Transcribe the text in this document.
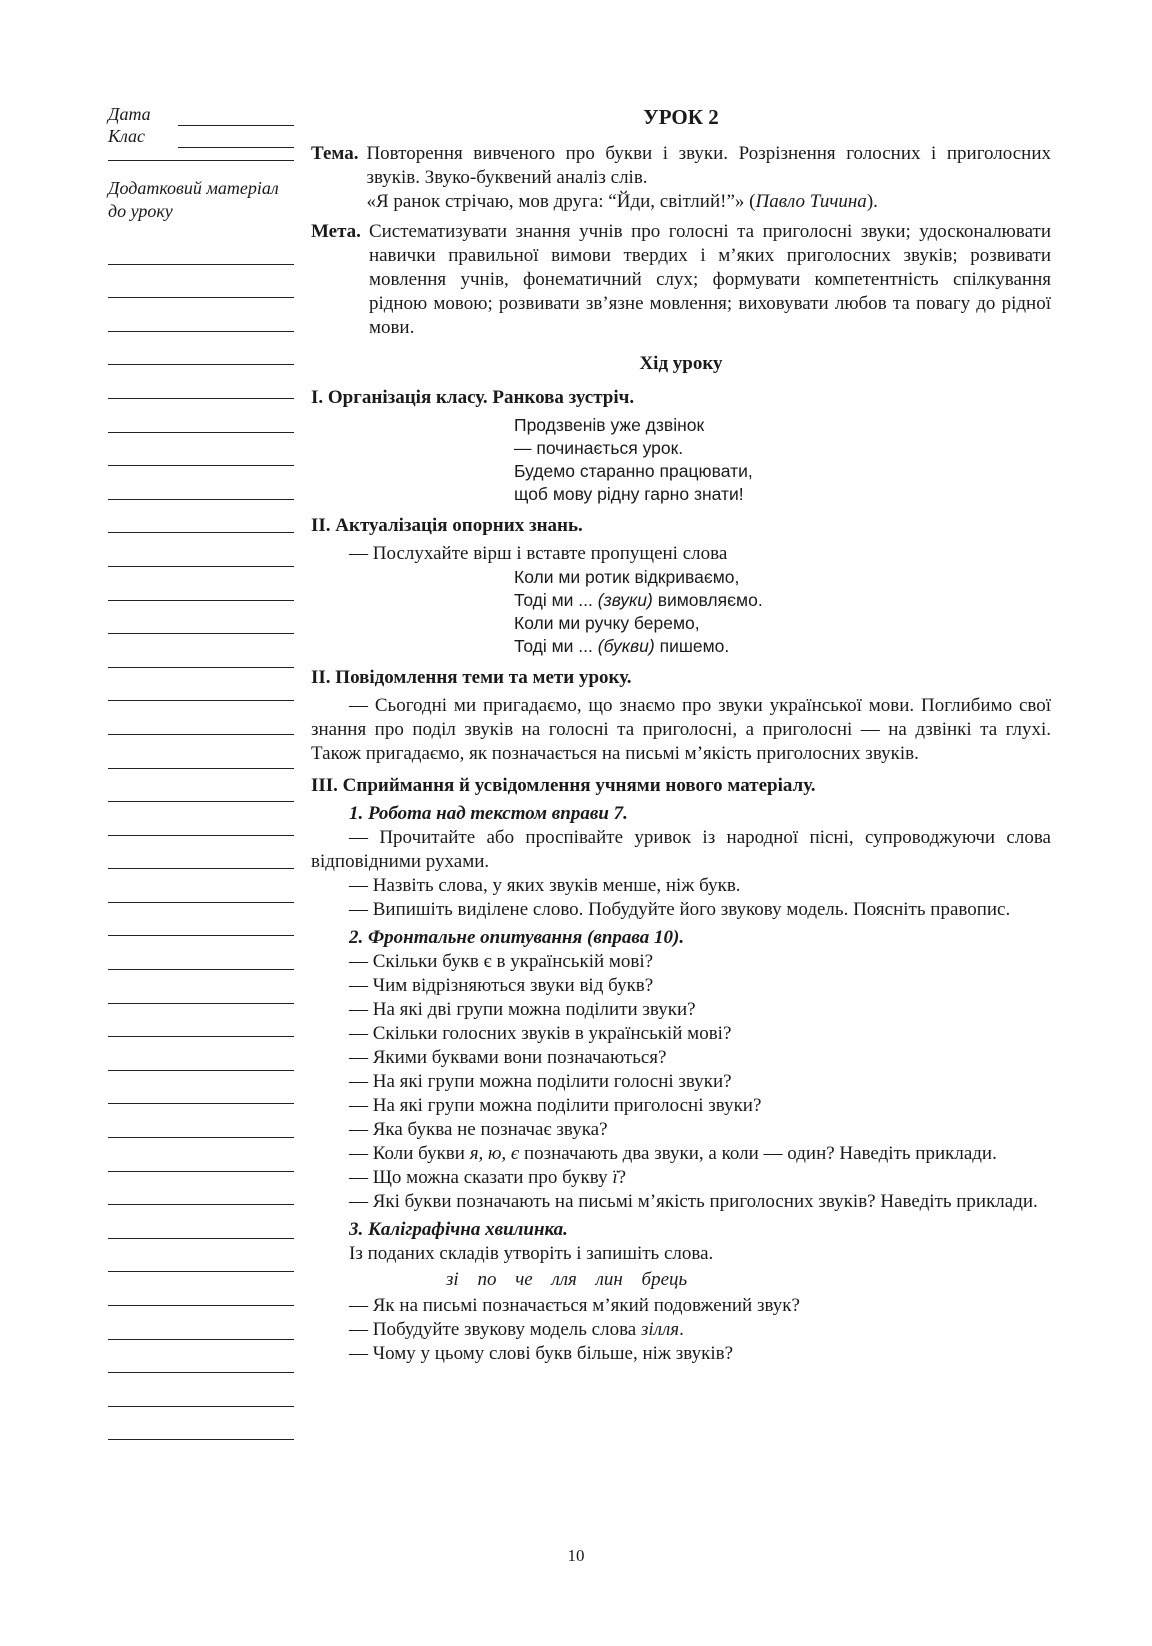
Дата
Клас
Додатковий матеріал до уроку
УРОК 2
Тема. Повторення вивченого про букви і звуки. Розрізнення голосних і приголосних звуків. Звуко-буквений аналіз слів.
«Я ранок стрічаю, мов друга: “Йди, світлий!”» (Павло Тичина).
Мета. Систематизувати знання учнів про голосні та приголосні звуки; удосконалювати навички правильної вимови твердих і м’яких приголосних звуків; розвивати мовлення учнів, фонематичний слух; формувати компетентність спілкування рідною мовою; розвивати зв’язне мовлення; виховувати любов та повагу до рідної мови.
Хід уроку
I. Організація класу. Ранкова зустріч.
Продзвенів уже дзвінок
— починається урок.
Будемо старанно працювати,
щоб мову рідну гарно знати!
II. Актуалізація опорних знань.

— Послухайте вірш і вставте пропущені слова

Коли ми ротик відкриваємо,
Тоді ми ... (звуки) вимовляємо.
Коли ми ручку беремо,
Тоді ми ... (букви) пишемо.
II. Повідомлення теми та мети уроку.

— Сьогодні ми пригадаємо, що знаємо про звуки української мови. Поглибимо свої знання про поділ звуків на голосні та приголосні, а приголосні — на дзвінкі та глухі. Також пригадаємо, як позначається на письмі м’якість приголосних звуків.

III. Сприймання й усвідомлення учнями нового матеріалу.
1. Робота над текстом вправи 7.

— Прочитайте або проспівайте уривок із народної пісні, супроводжуючи слова відповідними рухами.

— Назвіть слова, у яких звуків менше, ніж букв.

— Випишіть виділене слово. Побудуйте його звукову модель. Поясніть правопис.

2. Фронтальне опитування (вправа 10).

— Скільки букв є в українській мові?

— Чим відрізняються звуки від букв?

— На які дві групи можна поділити звуки?

— Скільки голосних звуків в українській мові?

— Якими буквами вони позначаються?

— На які групи можна поділити голосні звуки?

— На які групи можна поділити приголосні звуки?

— Яка буква не позначає звука?

— Коли букви я, ю, є позначають два звуки, а коли — один? Наведіть приклади.

— Що можна сказати про букву ї?

— Які букви позначають на письмі м’якість приголосних звуків? Наведіть приклади.

3. Каліграфічна хвилинка.

Із поданих складів утворіть і запишіть слова.

зі по че лля лин брець

— Як на письмі позначається м’який подовжений звук?

— Побудуйте звукову модель слова зілля.

— Чому у цьому слові букв більше, ніж звуків?

10
